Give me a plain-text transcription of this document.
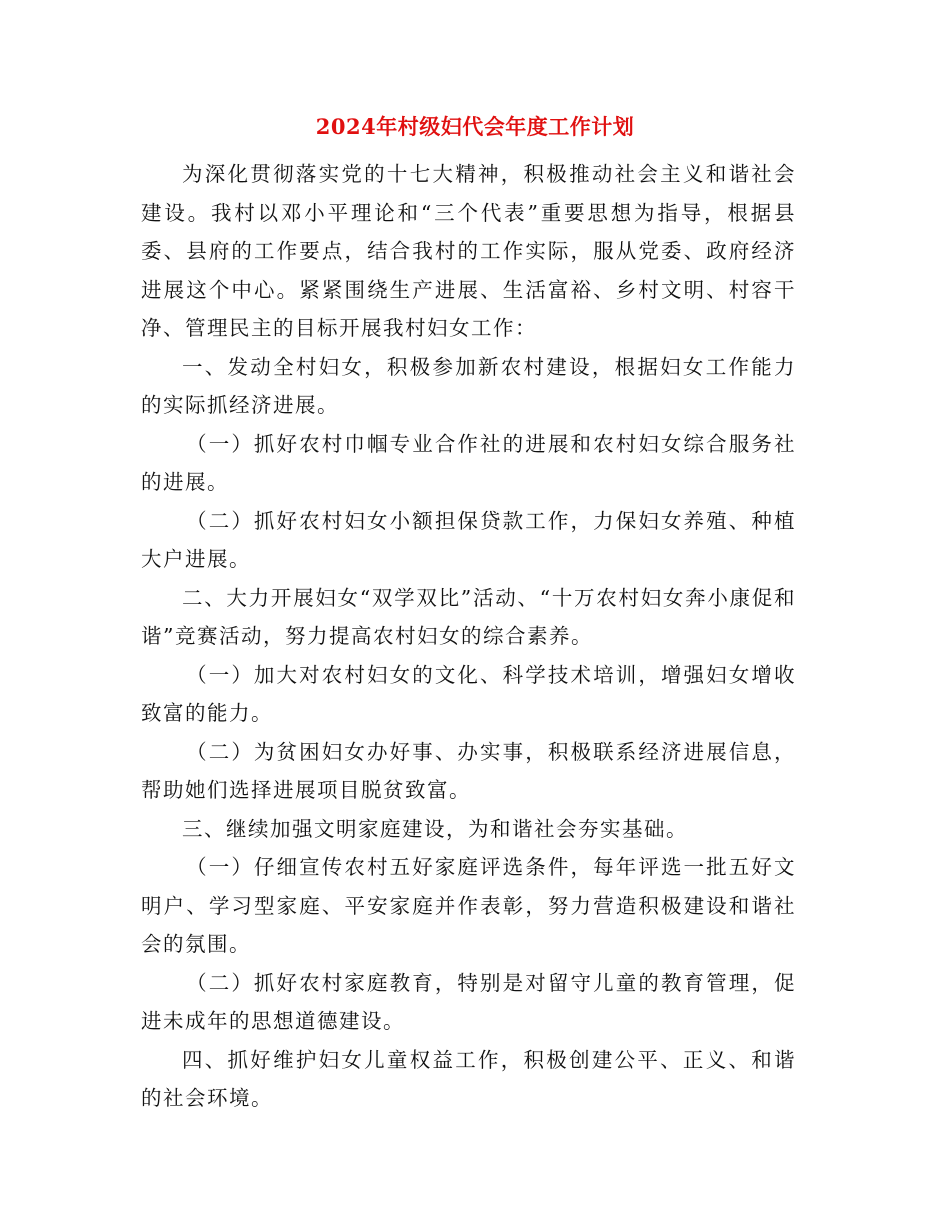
2024年村级妇代会年度工作计划

为深化贯彻落实党的十七大精神，积极推动社会主义和谐社会建设。我村以邓小平理论和“三个代表”重要思想为指导，根据县委、县府的工作要点，结合我村的工作实际，服从党委、政府经济进展这个中心。紧紧围绕生产进展、生活富裕、乡村文明、村容干净、管理民主的目标开展我村妇女工作：

一、发动全村妇女，积极参加新农村建设，根据妇女工作能力的实际抓经济进展。

（一）抓好农村巾帼专业合作社的进展和农村妇女综合服务社的进展。

（二）抓好农村妇女小额担保贷款工作，力保妇女养殖、种植大户进展。

二、大力开展妇女“双学双比”活动、“十万农村妇女奔小康促和谐”竞赛活动，努力提高农村妇女的综合素养。

（一）加大对农村妇女的文化、科学技术培训，增强妇女增收致富的能力。

（二）为贫困妇女办好事、办实事，积极联系经济进展信息，帮助她们选择进展项目脱贫致富。

三、继续加强文明家庭建设，为和谐社会夯实基础。

（一）仔细宣传农村五好家庭评选条件，每年评选一批五好文明户、学习型家庭、平安家庭并作表彰，努力营造积极建设和谐社会的氛围。

（二）抓好农村家庭教育，特别是对留守儿童的教育管理，促进未成年的思想道德建设。

四、抓好维护妇女儿童权益工作，积极创建公平、正义、和谐的社会环境。
